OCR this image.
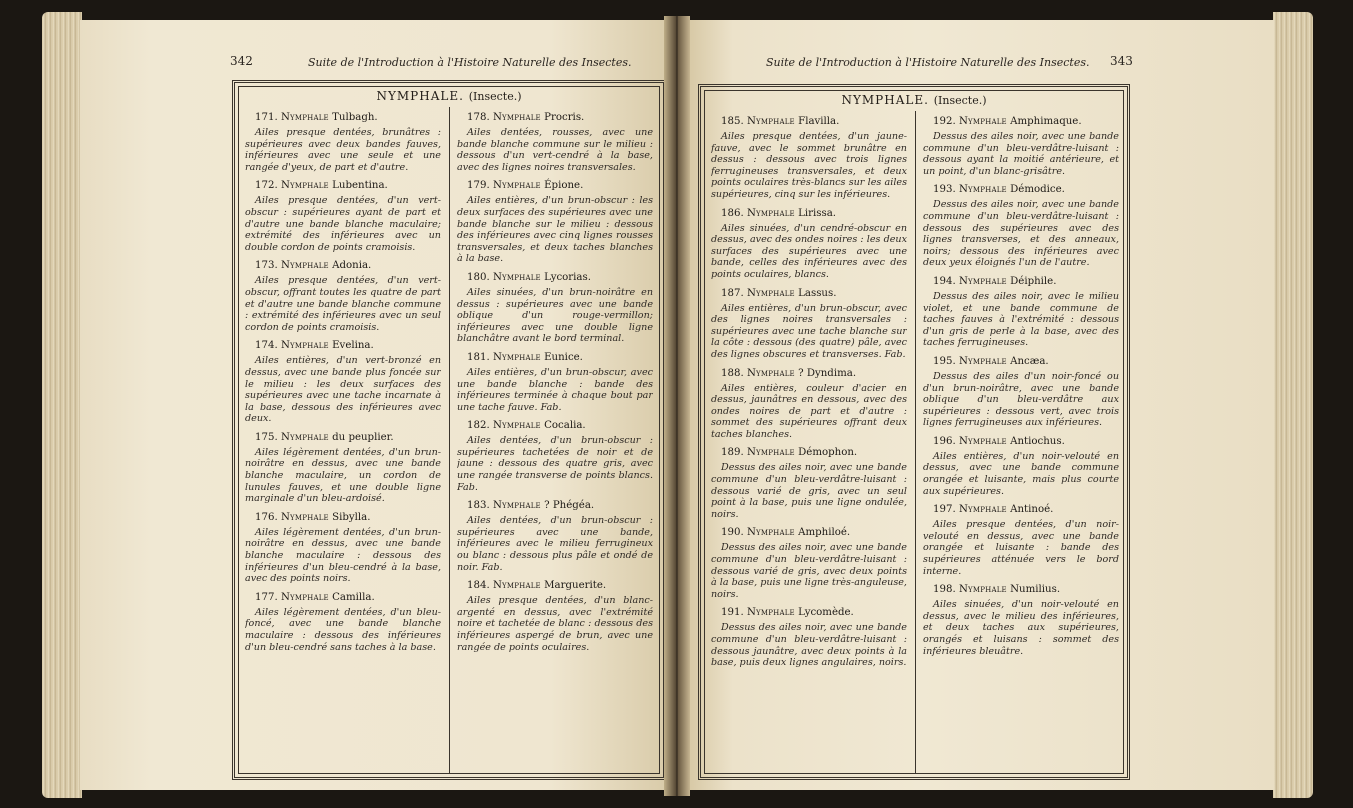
342	Suite de l'Introduction à l'Histoire Naturelle des Insectes.
NYMPHALE. (Insecte.)
171. Nymphale Tulbagh.
Ailes presque dentées, brunâtres : supérieures avec deux bandes fauves, inférieures avec une seule et une rangée d'yeux, de part et d'autre.
172. Nymphale Lubentina.
Ailes presque dentées, d'un vert-obscur : supérieures ayant de part et d'autre une bande blanche maculaire; extrémité des inférieures avec un double cordon de points cramoisis.
173. Nymphale Adonia.
Ailes presque dentées, d'un vert-obscur, offrant toutes les quatre de part et d'autre une bande blanche commune : extrémité des inférieures avec un seul cordon de points cramoisis.
174. Nymphale Evelina.
Ailes entières, d'un vert-bronzé en dessus, avec une bande plus foncée sur le milieu : les deux surfaces des supérieures avec une tache incarnate à la base, dessous des inférieures avec deux.
175. Nymphale du peuplier.
Ailes légèrement dentées, d'un brun-noirâtre en dessus, avec une bande blanche maculaire, un cordon de lunules fauves, et une double ligne marginale d'un bleu-ardoisé.
176. Nymphale Sibylla.
Ailes légèrement dentées, d'un brun-noirâtre en dessus, avec une bande blanche maculaire : dessous des inférieures d'un bleu-cendré à la base, avec des points noirs.
177. Nymphale Camilla.
Ailes légèrement dentées, d'un bleu-foncé, avec une bande blanche maculaire : dessous des inférieures d'un bleu-cendré sans taches à la base.
178. Nymphale Procris.
Ailes dentées, rousses, avec une bande blanche commune sur le milieu : dessous d'un vert-cendré à la base, avec des lignes noires transversales.
179. Nymphale Épione.
Ailes entières, d'un brun-obscur : les deux surfaces des supérieures avec une bande blanche sur le milieu : dessous des inférieures avec cinq lignes rousses transversales, et deux taches blanches à la base.
180. Nymphale Lycorias.
Ailes sinuées, d'un brun-noirâtre en dessus : supérieures avec une bande oblique d'un rouge-vermillon; inférieures avec une double ligne blanchâtre avant le bord terminal.
181. Nymphale Eunice.
Ailes entières, d'un brun-obscur, avec une bande blanche : bande des inférieures terminée à chaque bout par une tache fauve. Fab.
182. Nymphale Cocalia.
Ailes dentées, d'un brun-obscur : supérieures tachetées de noir et de jaune : dessous des quatre gris, avec une rangée transverse de points blancs. Fab.
183. Nymphale ? Phégéa.
Ailes dentées, d'un brun-obscur : supérieures avec une bande, inférieures avec le milieu ferrugineux ou blanc : dessous plus pâle et ondé de noir. Fab.
184. Nymphale Marguerite.
Ailes presque dentées, d'un blanc-argenté en dessus, avec l'extrémité noire et tachetée de blanc : dessous des inférieures aspergé de brun, avec une rangée de points oculaires.
Suite de l'Introduction à l'Histoire Naturelle des Insectes. 343
NYMPHALE. (Insecte.)
185. Nymphale Flavilla.
Ailes presque dentées, d'un jaune-fauve, avec le sommet brunâtre en dessus : dessous avec trois lignes ferrugineuses transversales, et deux points oculaires très-blancs sur les ailes supérieures, cinq sur les inférieures.
186. Nymphale Lirissa.
Ailes sinuées, d'un cendré-obscur en dessus, avec des ondes noires : les deux surfaces des supérieures avec une bande, celles des inférieures avec des points oculaires, blancs.
187. Nymphale Lassus.
Ailes entières, d'un brun-obscur, avec des lignes noires transversales : supérieures avec une tache blanche sur la côte : dessous (des quatre) pâle, avec des lignes obscures et transverses. Fab.
188. Nymphale ? Dyndima.
Ailes entières, couleur d'acier en dessus, jaunâtres en dessous, avec des ondes noires de part et d'autre : sommet des supérieures offrant deux taches blanches.
189. Nymphale Démophon.
Dessus des ailes noir, avec une bande commune d'un bleu-verdâtre-luisant : dessous varié de gris, avec un seul point à la base, puis une ligne ondulée, noirs.
190. Nymphale Amphiloé.
Dessus des ailes noir, avec une bande commune d'un bleu-verdâtre-luisant : dessous varié de gris, avec deux points à la base, puis une ligne très-anguleuse, noirs.
191. Nymphale Lycomède.
Dessus des ailes noir, avec une bande commune d'un bleu-verdâtre-luisant : dessous jaunâtre, avec deux points à la base, puis deux lignes angulaires, noirs.
192. Nymphale Amphimaque.
Dessus des ailes noir, avec une bande commune d'un bleu-verdâtre-luisant : dessous ayant la moitié antérieure, et un point, d'un blanc-grisâtre.
193. Nymphale Démodice.
Dessus des ailes noir, avec une bande commune d'un bleu-verdâtre-luisant : dessous des supérieures avec des lignes transverses, et des anneaux, noirs; dessous des inférieures avec deux yeux éloignés l'un de l'autre.
194. Nymphale Déiphile.
Dessus des ailes noir, avec le milieu violet, et une bande commune de taches fauves à l'extrémité : dessous d'un gris de perle à la base, avec des taches ferrugineuses.
195. Nymphale Ancæa.
Dessus des ailes d'un noir-foncé ou d'un brun-noirâtre, avec une bande oblique d'un bleu-verdâtre aux supérieures : dessous vert, avec trois lignes ferrugineuses aux inférieures.
196. Nymphale Antiochus.
Ailes entières, d'un noir-velouté en dessus, avec une bande commune orangée et luisante, mais plus courte aux supérieures.
197. Nymphale Antinoé.
Ailes presque dentées, d'un noir-velouté en dessus, avec une bande orangée et luisante : bande des supérieures atténuée vers le bord interne.
198. Nymphale Numilius.
Ailes sinuées, d'un noir-velouté en dessus, avec le milieu des inférieures, et deux taches aux supérieures, orangés et luisans : sommet des inférieures bleuâtre.
